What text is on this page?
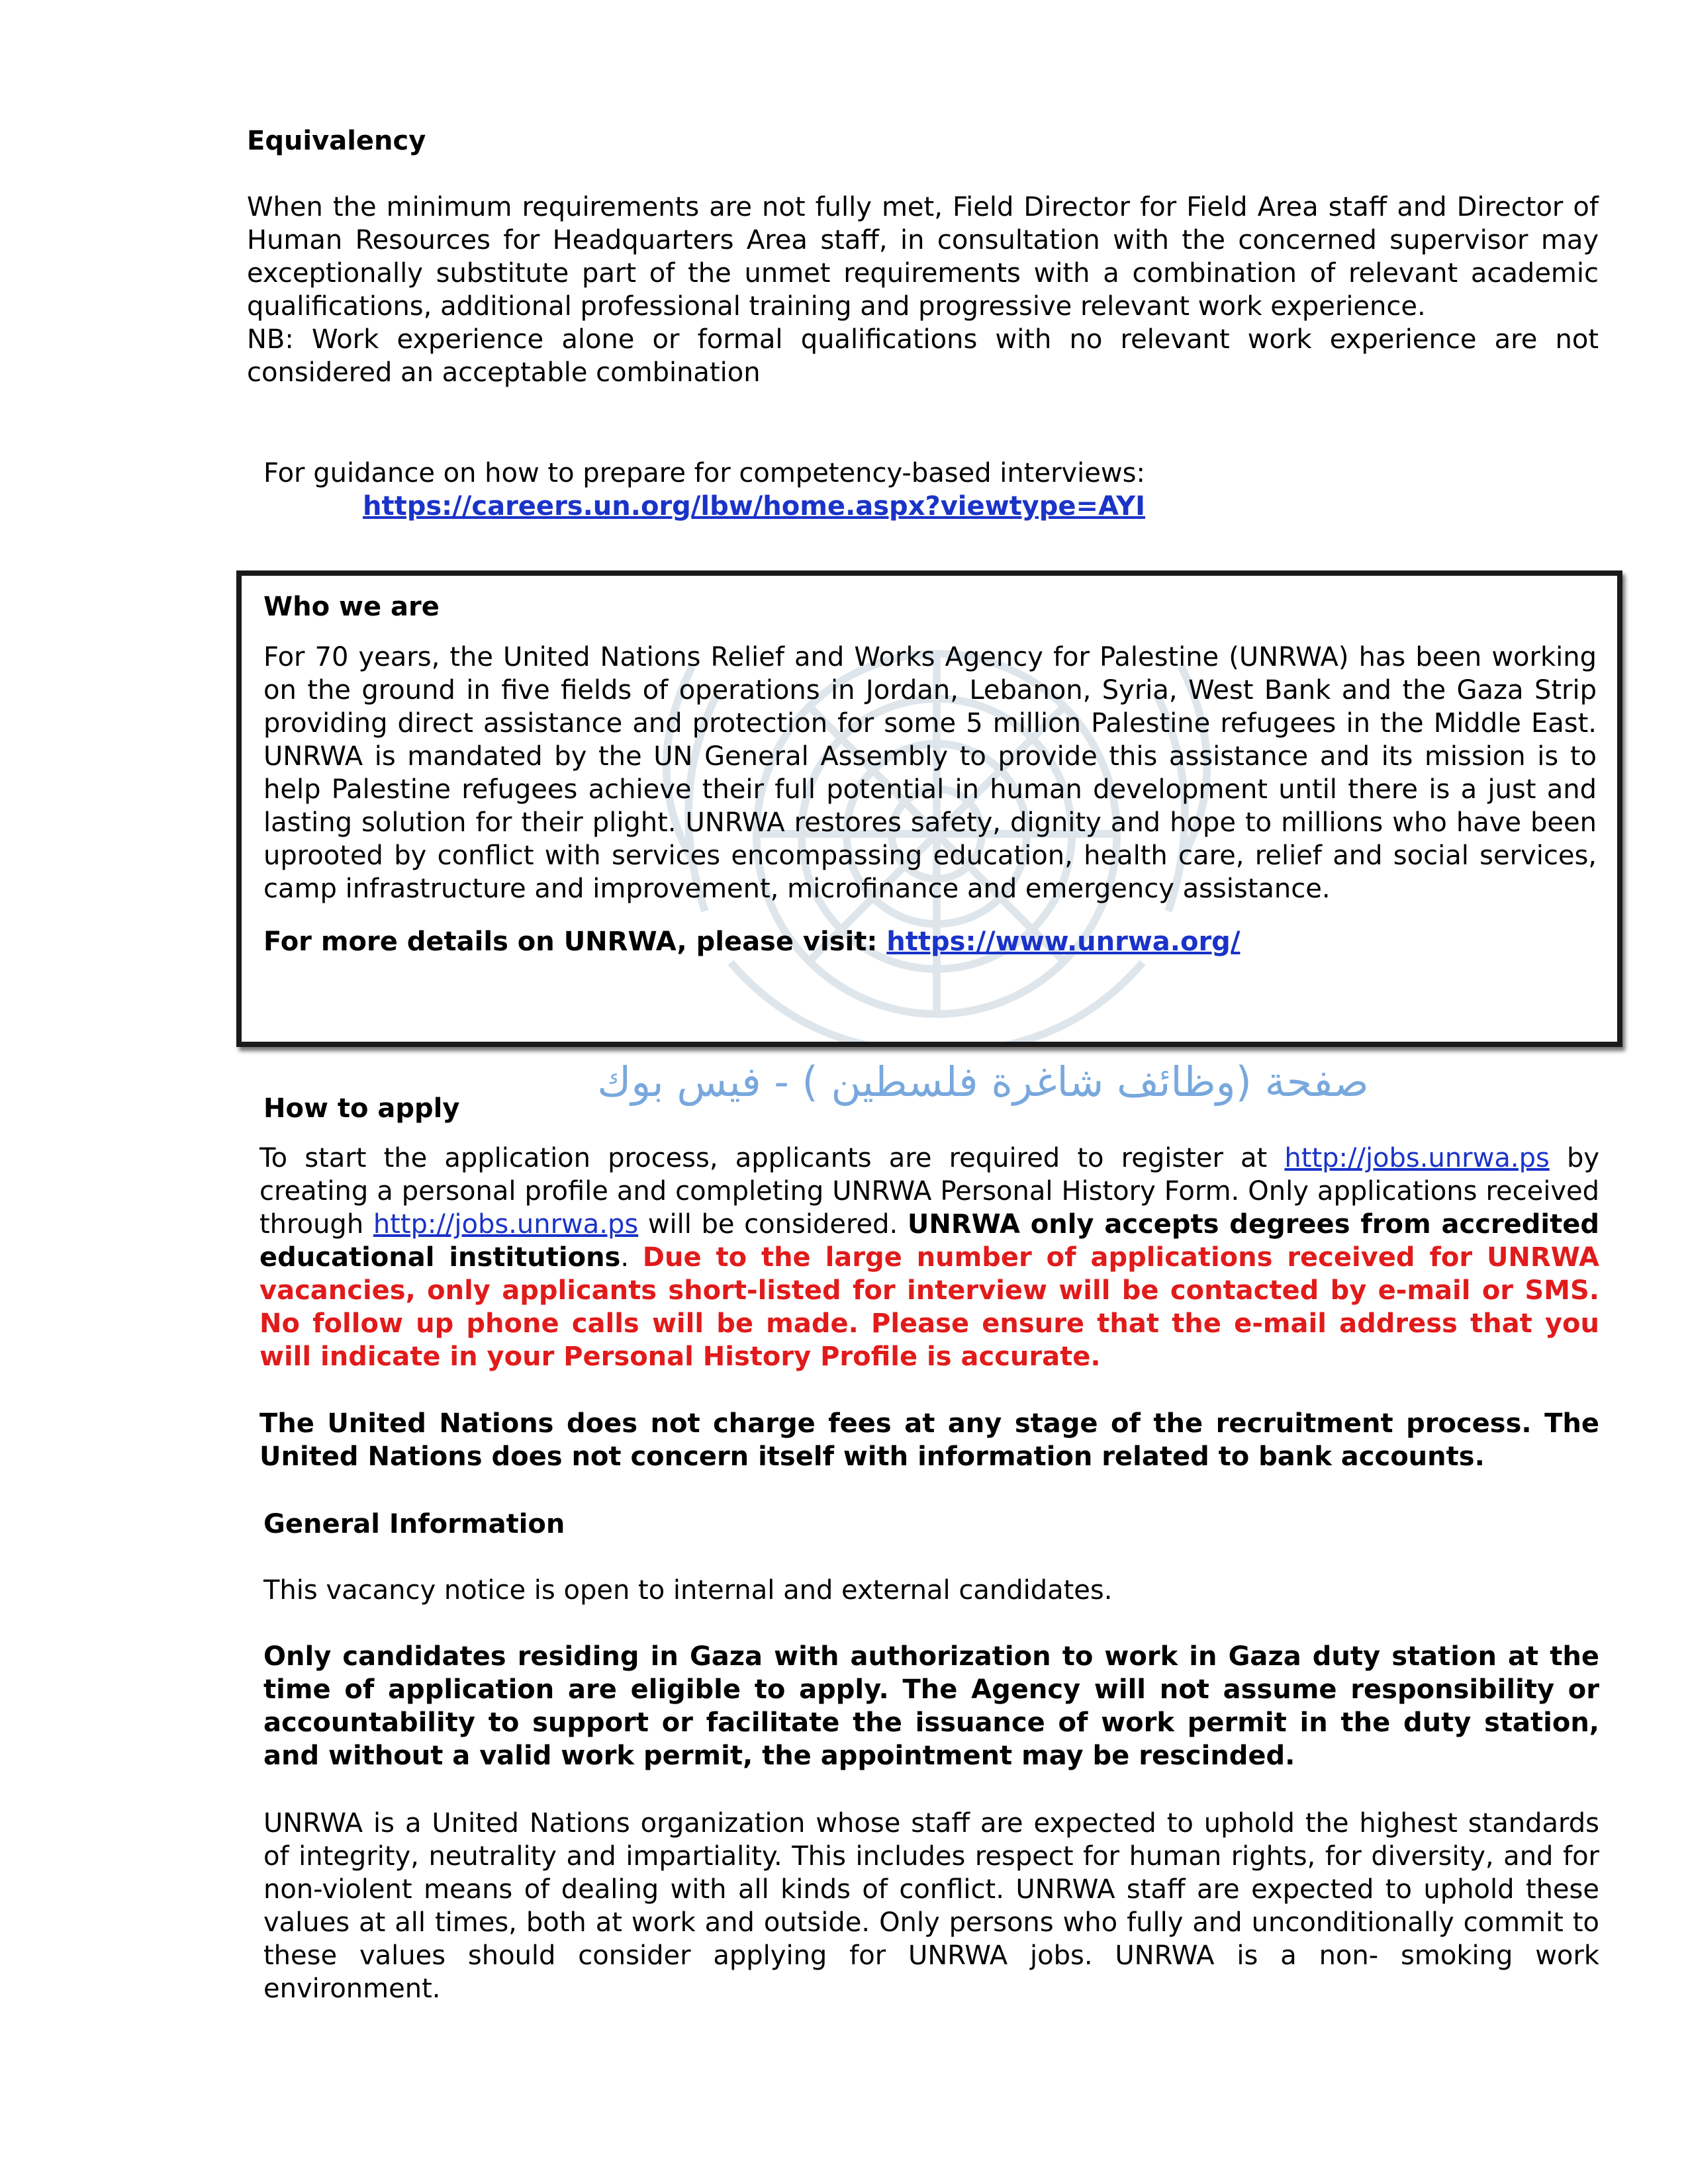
Equivalency

When the minimum requirements are not fully met, Field Director for Field Area staff and Director of Human Resources for Headquarters Area staff, in consultation with the concerned supervisor may exceptionally substitute part of the unmet requirements with a combination of relevant academic qualifications, additional professional training and progressive relevant work experience.

NB: Work experience alone or formal qualifications with no relevant work experience are not considered an acceptable combination

For guidance on how to prepare for competency-based interviews:

https://careers.un.org/lbw/home.aspx?viewtype=AYI

Who we are

For 70 years, the United Nations Relief and Works Agency for Palestine (UNRWA) has been working on the ground in five fields of operations in Jordan, Lebanon, Syria, West Bank and the Gaza Strip providing direct assistance and protection for some 5 million Palestine refugees in the Middle East. UNRWA is mandated by the UN General Assembly to provide this assistance and its mission is to help Palestine refugees achieve their full potential in human development until there is a just and lasting solution for their plight. UNRWA restores safety, dignity and hope to millions who have been uprooted by conflict with services encompassing education, health care, relief and social services, camp infrastructure and improvement, microfinance and emergency assistance.

For more details on UNRWA, please visit: https://www.unrwa.org/

صفحة (وظائف شاغرة فلسطين ) - فيس بوك

How to apply

To start the application process, applicants are required to register at http://jobs.unrwa.ps by creating a personal profile and completing UNRWA Personal History Form. Only applications received through http://jobs.unrwa.ps will be considered. UNRWA only accepts degrees from accredited educational institutions. Due to the large number of applications received for UNRWA vacancies, only applicants short-listed for interview will be contacted by e-mail or SMS. No follow up phone calls will be made. Please ensure that the e-mail address that you will indicate in your Personal History Profile is accurate.

The United Nations does not charge fees at any stage of the recruitment process. The United Nations does not concern itself with information related to bank accounts.

General Information

This vacancy notice is open to internal and external candidates.

Only candidates residing in Gaza with authorization to work in Gaza duty station at the time of application are eligible to apply. The Agency will not assume responsibility or accountability to support or facilitate the issuance of work permit in the duty station, and without a valid work permit, the appointment may be rescinded.

UNRWA is a United Nations organization whose staff are expected to uphold the highest standards of integrity, neutrality and impartiality. This includes respect for human rights, for diversity, and for non-violent means of dealing with all kinds of conflict. UNRWA staff are expected to uphold these values at all times, both at work and outside. Only persons who fully and unconditionally commit to these values should consider applying for UNRWA jobs. UNRWA is a non- smoking work environment.
